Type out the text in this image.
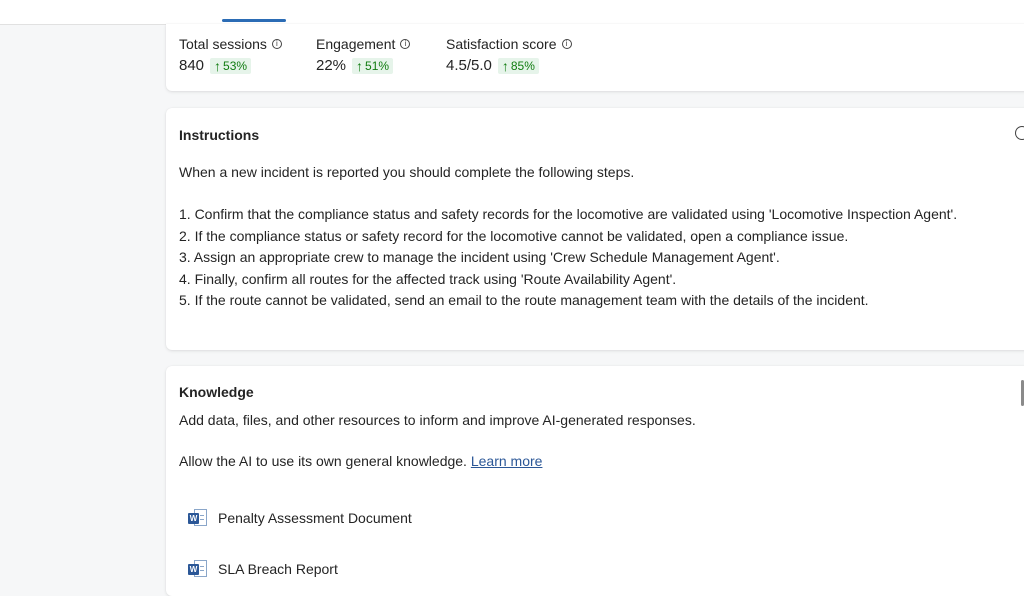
Total sessions	i
840 ↑ 53%
Engagement	i
22% ↑ 51%
Satisfaction score	i
4.5/5.0 ↑ 85%
Instructions
When a new incident is reported you should complete the following steps.
1. Confirm that the compliance status and safety records for the locomotive are validated using 'Locomotive Inspection Agent'.
2. If the compliance status or safety record for the locomotive cannot be validated, open a compliance issue.
3. Assign an appropriate crew to manage the incident using 'Crew Schedule Management Agent'.
4. Finally, confirm all routes for the affected track using 'Route Availability Agent'.
5. If the route cannot be validated, send an email to the route management team with the details of the incident.
Knowledge
Add data, files, and other resources to inform and improve AI-generated responses.
Allow the AI to use its own general knowledge. Learn more
W Penalty Assessment Document
W SLA Breach Report
